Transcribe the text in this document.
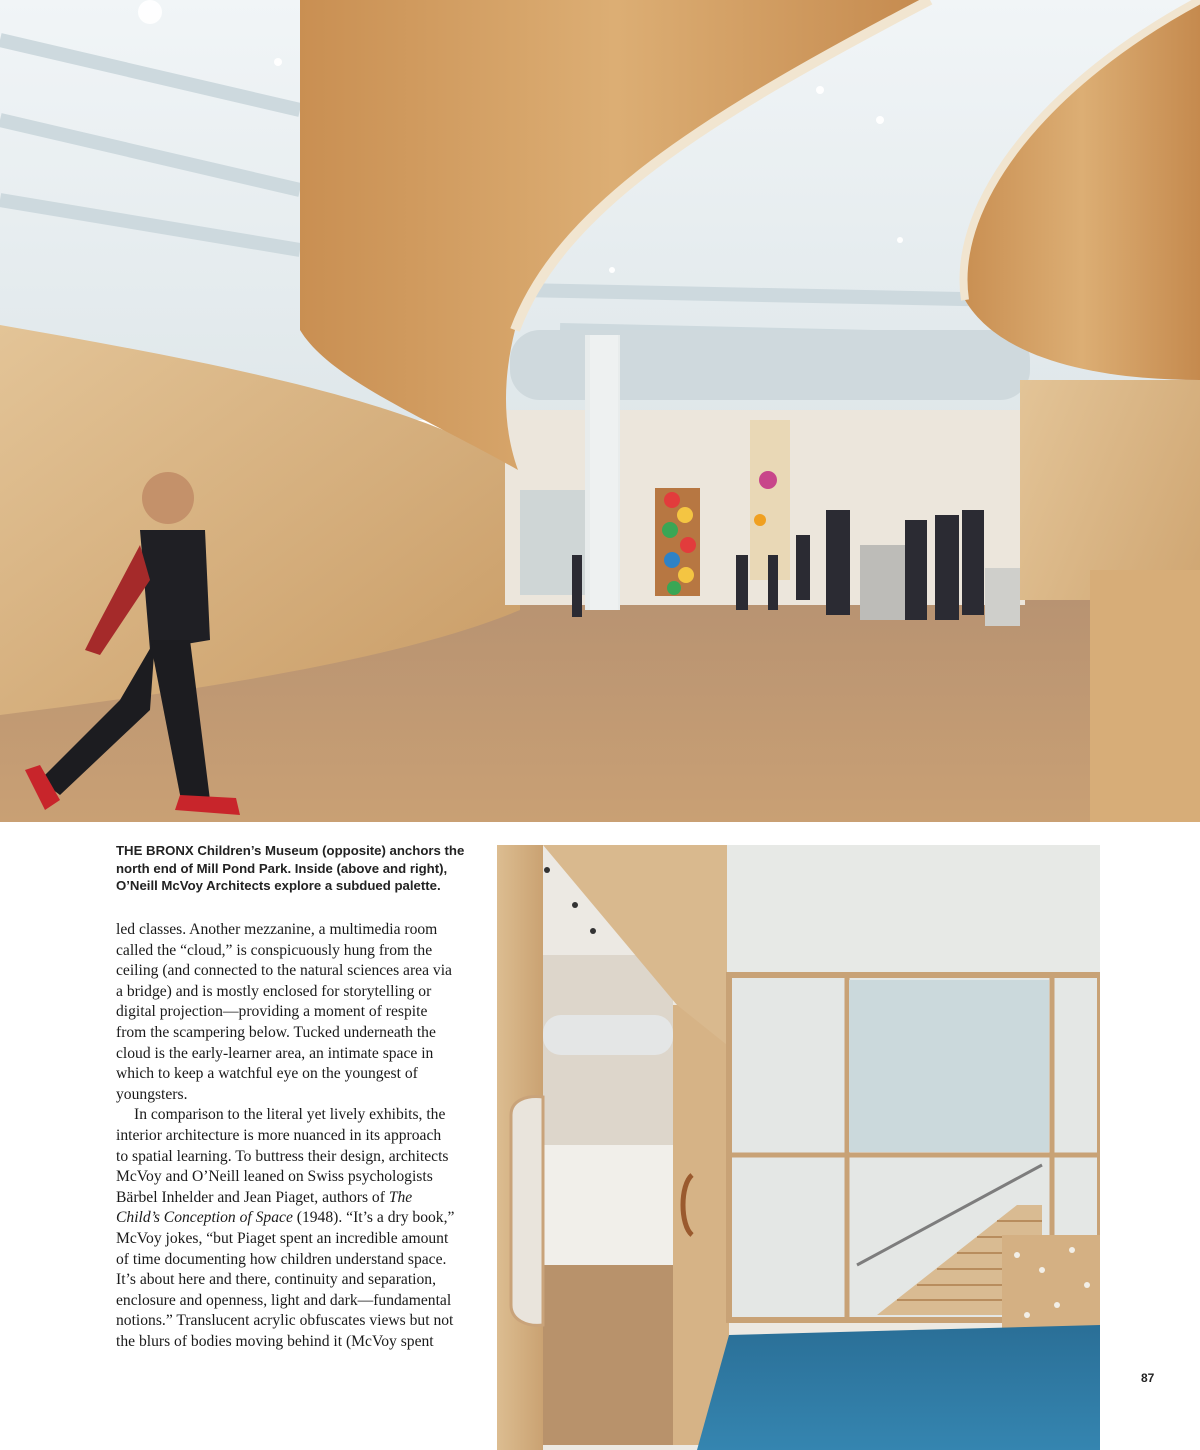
THE BRONX Children’s Museum (opposite) anchors the north end of Mill Pond Park. Inside (above and right), O’Neill McVoy Architects explore a subdued palette.

led classes. Another mezzanine, a multimedia room
called the “cloud,” is conspicuously hung from the
ceiling (and connected to the natural sciences area via
a bridge) and is mostly enclosed for storytelling or
digital projection—providing a moment of respite
from the scampering below. Tucked underneath the
cloud is the early-learner area, an intimate space in
which to keep a watchful eye on the youngest of
youngsters.

In comparison to the literal yet lively exhibits, the
interior architecture is more nuanced in its approach
to spatial learning. To buttress their design, architects
McVoy and O’Neill leaned on Swiss psychologists
Bärbel Inhelder and Jean Piaget, authors of The
Child’s Conception of Space (1948). “It’s a dry book,”
McVoy jokes, “but Piaget spent an incredible amount
of time documenting how children understand space.
It’s about here and there, continuity and separation,
enclosure and openness, light and dark—fundamental
notions.” Translucent acrylic obfuscates views but not
the blurs of bodies moving behind it (McVoy spent

87
